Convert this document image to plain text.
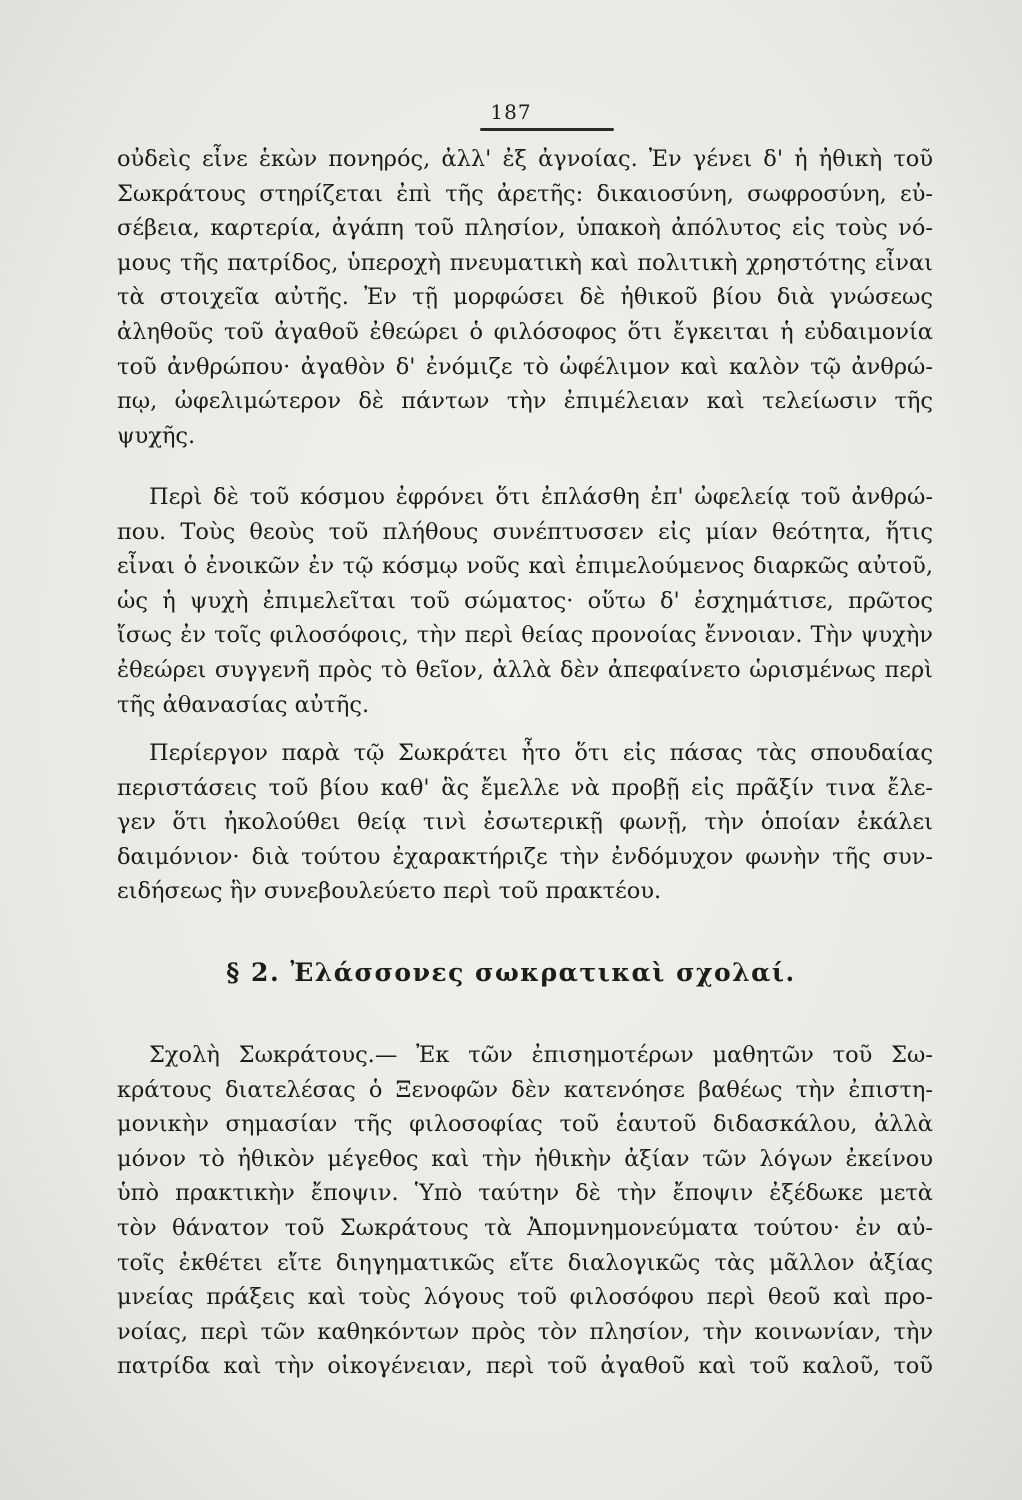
187
οὐδεὶς εἶνε ἑκὼν πονηρός, ἀλλ' ἐξ ἀγνοίας. Ἐν γένει δ' ἡ ἠθικὴ τοῦ
Σωκράτους στηρίζεται ἐπὶ τῆς ἀρετῆς: δικαιοσύνη, σωφροσύνη, εὐ-
σέβεια, καρτερία, ἀγάπη τοῦ πλησίον, ὑπακοὴ ἀπόλυτος εἰς τοὺς νό-
μους τῆς πατρίδος, ὑπεροχὴ πνευματικὴ καὶ πολιτικὴ χρηστότης εἶναι
τὰ στοιχεῖα αὐτῆς. Ἐν τῇ μορφώσει δὲ ἠθικοῦ βίου διὰ γνώσεως
ἀληθοῦς τοῦ ἀγαθοῦ ἐθεώρει ὁ φιλόσοφος ὅτι ἔγκειται ἡ εὐδαιμονία
τοῦ ἀνθρώπου· ἀγαθὸν δ' ἐνόμιζε τὸ ὠφέλιμον καὶ καλὸν τῷ ἀνθρώ-
πῳ, ὠφελιμώτερον δὲ πάντων τὴν ἐπιμέλειαν καὶ τελείωσιν τῆς
ψυχῆς.
Περὶ δὲ τοῦ κόσμου ἐφρόνει ὅτι ἐπλάσθη ἐπ' ὠφελείᾳ τοῦ ἀνθρώ-
που. Τοὺς θεοὺς τοῦ πλήθους συνέπτυσσεν εἰς μίαν θεότητα, ἥτις
εἶναι ὁ ἐνοικῶν ἐν τῷ κόσμῳ νοῦς καὶ ἐπιμελούμενος διαρκῶς αὐτοῦ,
ὡς ἡ ψυχὴ ἐπιμελεῖται τοῦ σώματος· οὕτω δ' ἐσχημάτισε, πρῶτος
ἴσως ἐν τοῖς φιλοσόφοις, τὴν περὶ θείας προνοίας ἔννοιαν. Τὴν ψυχὴν
ἐθεώρει συγγενῆ πρὸς τὸ θεῖον, ἀλλὰ δὲν ἀπεφαίνετο ὡρισμένως περὶ
τῆς ἀθανασίας αὐτῆς.
Περίεργον παρὰ τῷ Σωκράτει ἦτο ὅτι εἰς πάσας τὰς σπουδαίας
περιστάσεις τοῦ βίου καθ' ἃς ἔμελλε νὰ προβῇ εἰς πρᾶξίν τινα ἔλε-
γεν ὅτι ἠκολούθει θείᾳ τινὶ ἐσωτερικῇ φωνῇ, τὴν ὁποίαν ἐκάλει
δαιμόνιον· διὰ τούτου ἐχαρακτήριζε τὴν ἐνδόμυχον φωνὴν τῆς συν-
ειδήσεως ἣν συνεβουλεύετο περὶ τοῦ πρακτέου.
§ 2. Ἐλάσσονες σωκρατικαὶ σχολαί.
Σχολὴ Σωκράτους.— Ἐκ τῶν ἐπισημοτέρων μαθητῶν τοῦ Σω-
κράτους διατελέσας ὁ Ξενοφῶν δὲν κατενόησε βαθέως τὴν ἐπιστη-
μονικὴν σημασίαν τῆς φιλοσοφίας τοῦ ἑαυτοῦ διδασκάλου, ἀλλὰ
μόνον τὸ ἠθικὸν μέγεθος καὶ τὴν ἠθικὴν ἀξίαν τῶν λόγων ἐκείνου
ὑπὸ πρακτικὴν ἔποψιν. Ὑπὸ ταύτην δὲ τὴν ἔποψιν ἐξέδωκε μετὰ
τὸν θάνατον τοῦ Σωκράτους τὰ Ἀπομνημονεύματα τούτου· ἐν αὐ-
τοῖς ἐκθέτει εἴτε διηγηματικῶς εἴτε διαλογικῶς τὰς μᾶλλον ἀξίας
μνείας πράξεις καὶ τοὺς λόγους τοῦ φιλοσόφου περὶ θεοῦ καὶ προ-
νοίας, περὶ τῶν καθηκόντων πρὸς τὸν πλησίον, τὴν κοινωνίαν, τὴν
πατρίδα καὶ τὴν οἰκογένειαν, περὶ τοῦ ἀγαθοῦ καὶ τοῦ καλοῦ, τοῦ
